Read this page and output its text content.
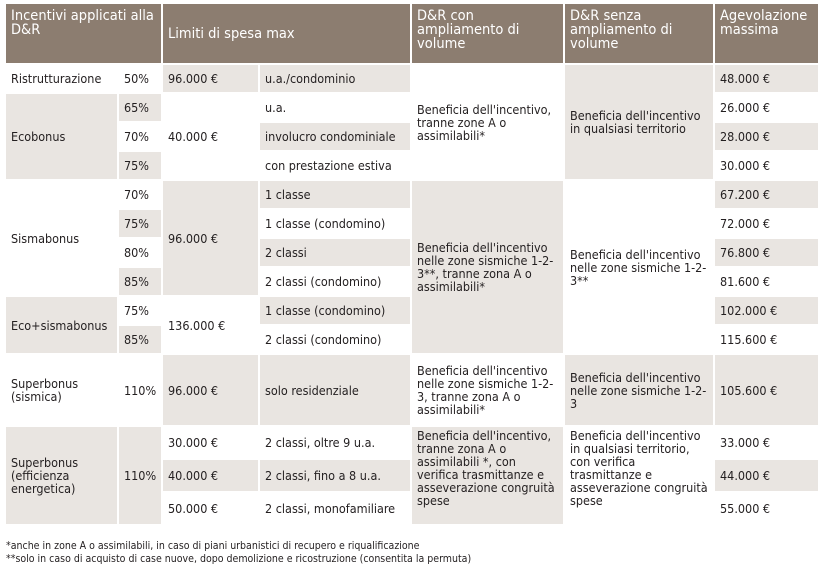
Incentivi applicati alla D&R		Limiti di spesa max		D&R con ampliamento di volume	D&R senza ampliamento di volume	Agevolazione massima
Ristrutturazione	50%	96.000 €	u.a./condominio	Beneficia dell'incentivo, tranne zone A o assimilabili*	Beneficia dell'incentivo in qualsiasi territorio	48.000 €
Ecobonus	65%	40.000 €	u.a.			26.000 €
	70%		involucro condominiale			28.000 €
	75%		con prestazione estiva			30.000 €
Sismabonus	70%	96.000 €	1 classe	Beneficia dell'incentivo nelle zone sismiche 1-2-3**, tranne zona A o assimilabili*	Beneficia dell'incentivo nelle zone sismiche 1-2-3**	67.200 €
	75%		1 classe (condomino)			72.000 €
	80%		2 classi			76.800 €
	85%		2 classi (condomino)			81.600 €
Eco+sismabonus	75%	136.000 €	1 classe (condomino)			102.000 €
	85%		2 classi (condomino)			115.600 €
Superbonus (sismica)	110%	96.000 €	solo residenziale	Beneficia dell'incentivo nelle zone sismiche 1-2-3, tranne zona A o assimilabili*	Beneficia dell'incentivo nelle zone sismiche 1-2-3	105.600 €
Superbonus (efficienza energetica)	110%	30.000 €	2 classi, oltre 9 u.a.	Beneficia dell'incentivo, tranne zona A o assimilabili *, con verifica trasmittanze e asseverazione congruità spese	Beneficia dell'incentivo in qualsiasi territorio, con verifica trasmittanze e asseverazione congruità spese	33.000 €
		40.000 €	2 classi, fino a 8 u.a.			44.000 €
		50.000 €	2 classi, monofamiliare			55.000 €
*anche in zone A o assimilabili, in caso di piani urbanistici di recupero e riqualificazione
**solo in caso di acquisto di case nuove, dopo demolizione e ricostruzione (consentita la permuta)
